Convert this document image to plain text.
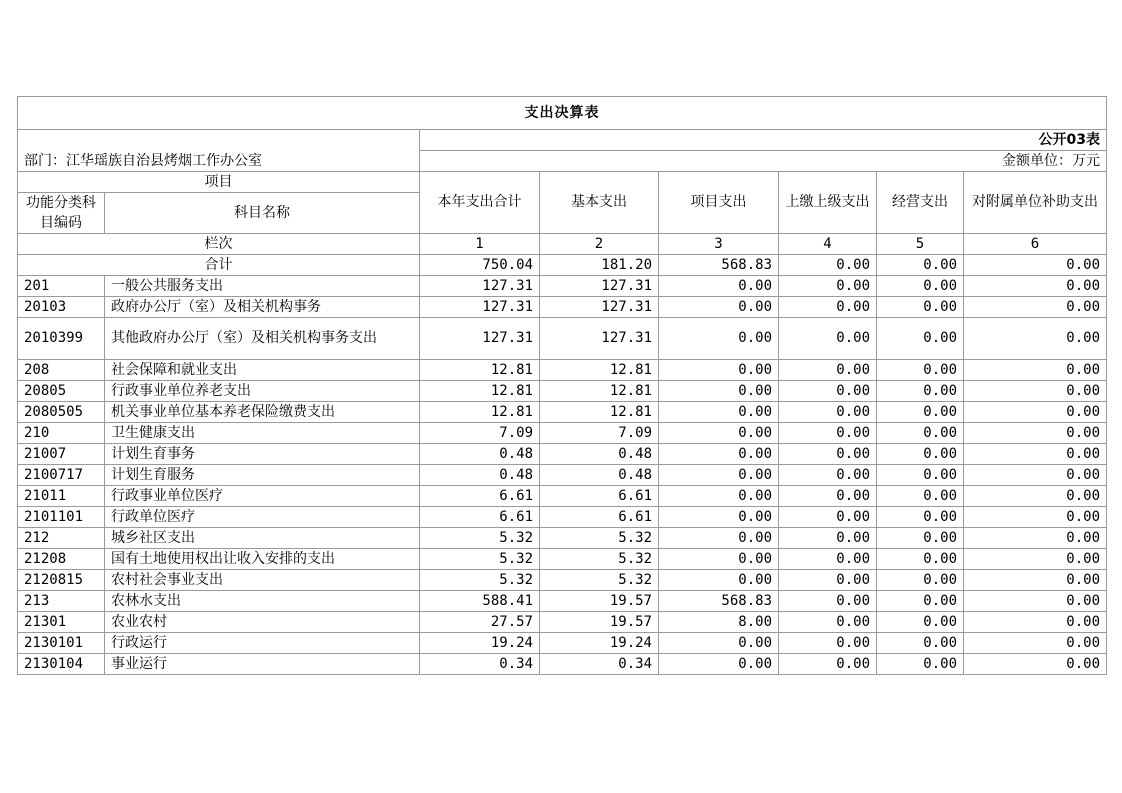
支出决算表							
		公开03表					
部门：江华瑶族自治县烤烟工作办公室		金额单位：万元					
项目		本年支出合计	基本支出	项目支出	上缴上级支出	经营支出	对附属单位补助支出
功能分类科目编码	科目名称						
栏次		1	2	3	4	5	6
合计		750.04	181.20	568.83	0.00	0.00	0.00
201	一般公共服务支出	127.31	127.31	0.00	0.00	0.00	0.00
20103	政府办公厅（室）及相关机构事务	127.31	127.31	0.00	0.00	0.00	0.00
2010399	其他政府办公厅（室）及相关机构事务支出	127.31	127.31	0.00	0.00	0.00	0.00
208	社会保障和就业支出	12.81	12.81	0.00	0.00	0.00	0.00
20805	行政事业单位养老支出	12.81	12.81	0.00	0.00	0.00	0.00
2080505	机关事业单位基本养老保险缴费支出	12.81	12.81	0.00	0.00	0.00	0.00
210	卫生健康支出	7.09	7.09	0.00	0.00	0.00	0.00
21007	计划生育事务	0.48	0.48	0.00	0.00	0.00	0.00
2100717	计划生育服务	0.48	0.48	0.00	0.00	0.00	0.00
21011	行政事业单位医疗	6.61	6.61	0.00	0.00	0.00	0.00
2101101	行政单位医疗	6.61	6.61	0.00	0.00	0.00	0.00
212	城乡社区支出	5.32	5.32	0.00	0.00	0.00	0.00
21208	国有土地使用权出让收入安排的支出	5.32	5.32	0.00	0.00	0.00	0.00
2120815	农村社会事业支出	5.32	5.32	0.00	0.00	0.00	0.00
213	农林水支出	588.41	19.57	568.83	0.00	0.00	0.00
21301	农业农村	27.57	19.57	8.00	0.00	0.00	0.00
2130101	行政运行	19.24	19.24	0.00	0.00	0.00	0.00
2130104	事业运行	0.34	0.34	0.00	0.00	0.00	0.00
